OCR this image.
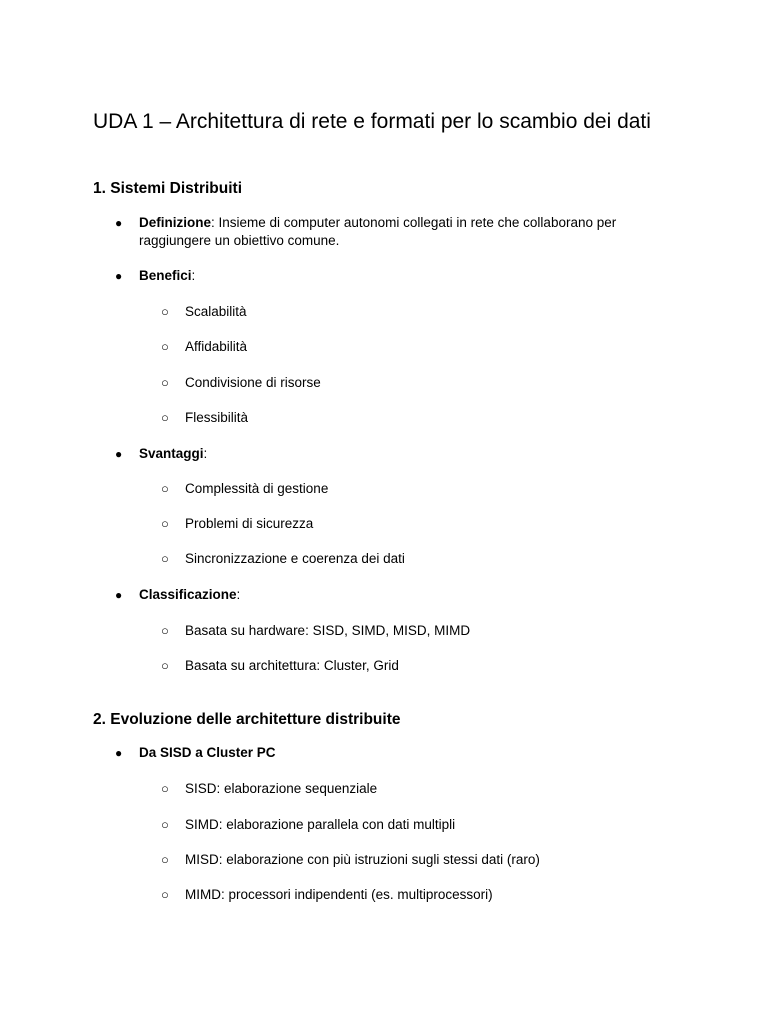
UDA 1 – Architettura di rete e formati per lo scambio dei dati
1. Sistemi Distribuiti
● Definizione: Insieme di computer autonomi collegati in rete che collaborano per raggiungere un obiettivo comune.
● Benefici:
○ Scalabilità
○ Affidabilità
○ Condivisione di risorse
○ Flessibilità
● Svantaggi:
○ Complessità di gestione
○ Problemi di sicurezza
○ Sincronizzazione e coerenza dei dati
● Classificazione:
○ Basata su hardware: SISD, SIMD, MISD, MIMD
○ Basata su architettura: Cluster, Grid
2. Evoluzione delle architetture distribuite
● Da SISD a Cluster PC
○ SISD: elaborazione sequenziale
○ SIMD: elaborazione parallela con dati multipli
○ MISD: elaborazione con più istruzioni sugli stessi dati (raro)
○ MIMD: processori indipendenti (es. multiprocessori)
